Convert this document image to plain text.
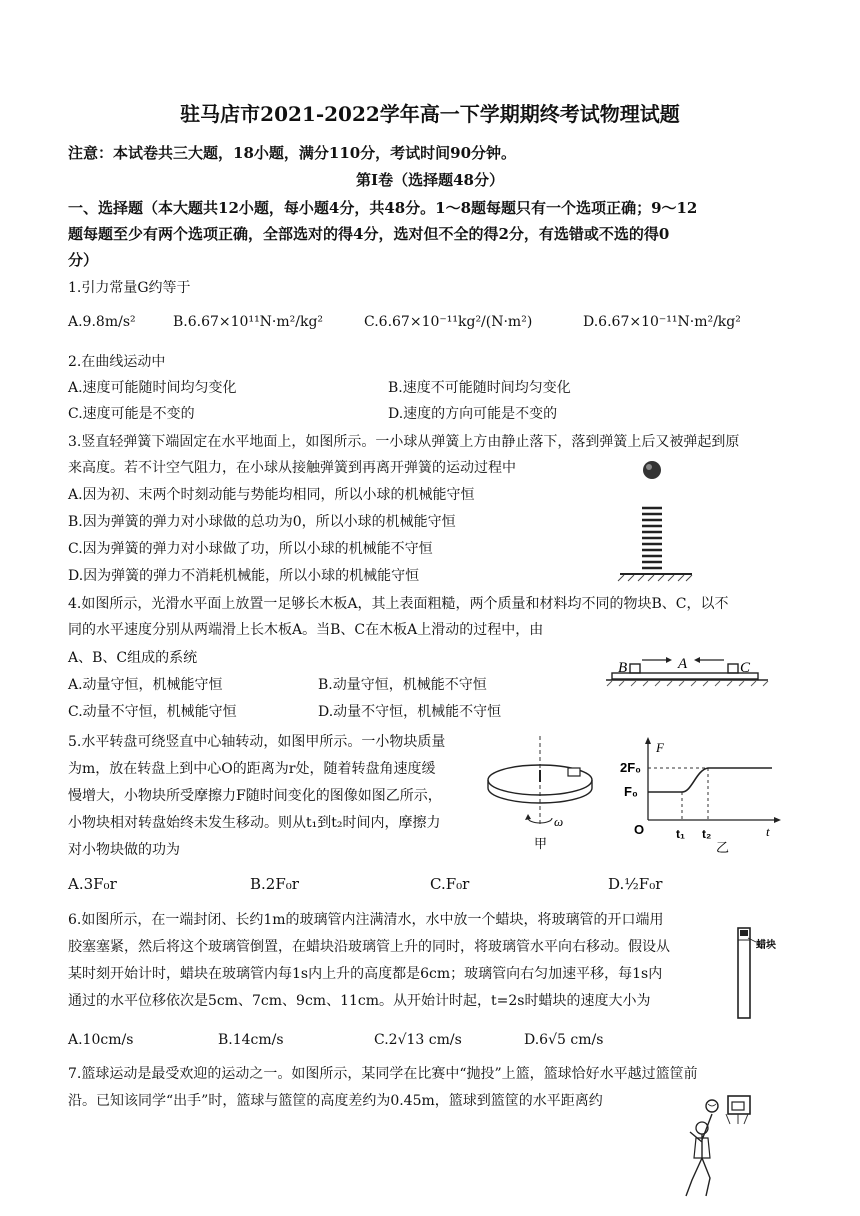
驻马店市2021-2022学年高一下学期期终考试物理试题
注意：本试卷共三大题，18小题，满分110分，考试时间90分钟。
第Ⅰ卷（选择题48分）
一、选择题（本大题共12小题，每小题4分，共48分。1～8题每题只有一个选项正确；9～12
题每题至少有两个选项正确，全部选对的得4分，选对但不全的得2分，有选错或不选的得0
分）
1.引力常量G约等于
A.9.8m/s²	B.6.67×10¹¹N·m²/kg²	C.6.67×10⁻¹¹kg²/(N·m²)	D.6.67×10⁻¹¹N·m²/kg²
2.在曲线运动中
A.速度可能随时间均匀变化	B.速度不可能随时间均匀变化
C.速度可能是不变的	D.速度的方向可能是不变的
3.竖直轻弹簧下端固定在水平地面上，如图所示。一小球从弹簧上方由静止落下，落到弹簧上后又被弹起到原
来高度。若不计空气阻力，在小球从接触弹簧到再离开弹簧的运动过程中
A.因为初、末两个时刻动能与势能均相同，所以小球的机械能守恒
B.因为弹簧的弹力对小球做的总功为0，所以小球的机械能守恒
C.因为弹簧的弹力对小球做了功，所以小球的机械能不守恒
D.因为弹簧的弹力不消耗机械能，所以小球的机械能守恒
4.如图所示，光滑水平面上放置一足够长木板A，其上表面粗糙，两个质量和材料均不同的物块B、C，以不
同的水平速度分别从两端滑上长木板A。当B、C在木板A上滑动的过程中，由
A、B、C组成的系统
A.动量守恒，机械能守恒	B.动量守恒，机械能不守恒
C.动量不守恒，机械能守恒	D.动量不守恒，机械能不守恒
B	A	C
5.水平转盘可绕竖直中心轴转动，如图甲所示。一小物块质量
为m，放在转盘上到中心O的距离为r处，随着转盘角速度缓
慢增大，小物块所受摩擦力F随时间变化的图像如图乙所示，
小物块相对转盘始终未发生移动。则从t₁到t₂时间内，摩擦力
对小物块做的功为
A.3F₀r	B.2F₀r	C.F₀r	D.½F₀r
ω
甲
F
2F₀
F₀
O	t₁ t₂	t
乙
6.如图所示，在一端封闭、长约1m的玻璃管内注满清水，水中放一个蜡块，将玻璃管的开口端用
胶塞塞紧，然后将这个玻璃管倒置，在蜡块沿玻璃管上升的同时，将玻璃管水平向右移动。假设从
某时刻开始计时，蜡块在玻璃管内每1s内上升的高度都是6cm；玻璃管向右匀加速平移，每1s内
通过的水平位移依次是5cm、7cm、9cm、11cm。从开始计时起，t=2s时蜡块的速度大小为
A.10cm/s	B.14cm/s	C.2√13 cm/s	D.6√5 cm/s
蜡块
7.篮球运动是最受欢迎的运动之一。如图所示，某同学在比赛中“抛投”上篮，篮球恰好水平越过篮筐前
沿。已知该同学“出手”时，篮球与篮筐的高度差约为0.45m，篮球到篮筐的水平距离约
